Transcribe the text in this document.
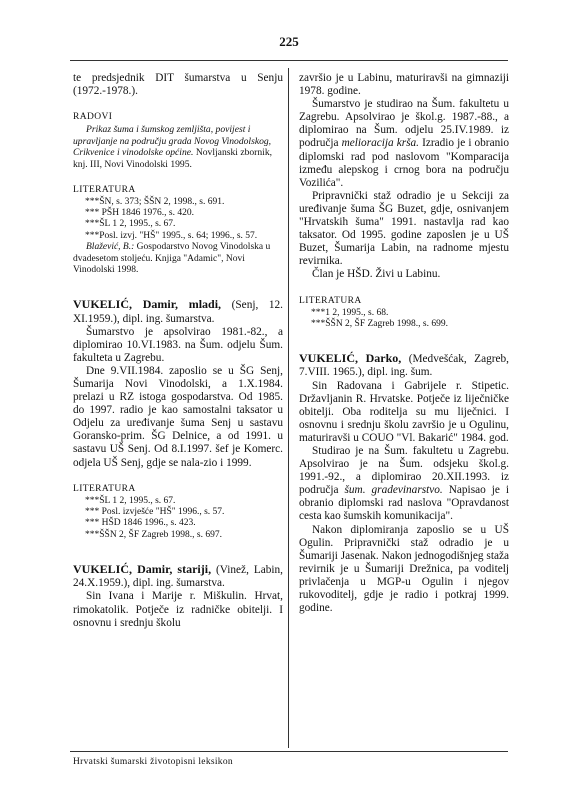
225

te predsjednik DIT šumarstva u Senju (1972.-1978.).

RADOVI

Prikaz šuma i šumskog zemljišta, povijest i upravljanje na području grada Novog Vinodolskog, Crikvenice i vinodolske općine. Novljanski zbornik, knj. III, Novi Vinodolski 1995.

LITERATURA

***ŠN, s. 373; ŠŠN 2, 1998., s. 691.

*** PŠH 1846 1976., s. 420.

***ŠL 1 2, 1995., s. 67.

***Posl. izvj. "HŠ" 1995., s. 64; 1996., s. 57.

Blažević, B.: Gospodarstvo Novog Vinodolska u dvadesetom stoljeću. Knjiga "Adamic", Novi Vinodolski 1998.

VUKELIĆ, Damir, mladi, (Senj, 12. XI.1959.), dipl. ing. šumarstva.

Šumarstvo je apsolvirao 1981.-82., a diplomirao 10.VI.1983. na Šum. odjelu Šum. fakulteta u Zagrebu.

Dne 9.VII.1984. zaposlio se u ŠG Senj, Šumarija Novi Vinodolski, a 1.X.1984. prelazi u RZ istoga gospodarstva. Od 1985. do 1997. radio je kao samostalni taksator u Odjelu za uređivanje šuma Senj u sastavu Goransko-prim. ŠG Delnice, a od 1991. u sastavu UŠ Senj. Od 8.I.1997. šef je Komerc. odjela UŠ Senj, gdje se nala-zio i 1999.

LITERATURA

***ŠL 1 2, 1995., s. 67.

*** Posl. izvješće "HŠ" 1996., s. 57.

*** HŠD 1846 1996., s. 423.

***ŠŠN 2, ŠF Zagreb 1998., s. 697.

VUKELIĆ, Damir, stariji, (Vinež, Labin, 24.X.1959.), dipl. ing. šumarstva.

Sin Ivana i Marije r. Miškulin. Hrvat, rimokatolik. Potječe iz radničke obitelji. I osnovnu i srednju školu

završio je u Labinu, maturiravši na gimnaziji 1978. godine.

Šumarstvo je studirao na Šum. fakultetu u Zagrebu. Apsolvirao je škol.g. 1987.-88., a diplomirao na Šum. odjelu 25.IV.1989. iz područja melioracija krša. Izradio je i obranio diplomski rad pod naslovom "Komparacija između alepskog i crnog bora na području Vozilića".

Pripravnički staž odradio je u Sekciji za uređivanje šuma ŠG Buzet, gdje, osnivanjem "Hrvatskih šuma" 1991. nastavlja rad kao taksator. Od 1995. godine zaposlen je u UŠ Buzet, Šumarija Labin, na radnome mjestu revirnika.

Član je HŠD. Živi u Labinu.

LITERATURA

***1 2, 1995., s. 68.

***ŠŠN 2, ŠF Zagreb 1998., s. 699.

VUKELIĆ, Darko, (Medvešćak, Zagreb, 7.VIII. 1965.), dipl. ing. šum.

Sin Radovana i Gabrijele r. Stipetic. Državljanin R. Hrvatske. Potječe iz liječničke obitelji. Oba roditelja su mu liječnici. I osnovnu i srednju školu završio je u Ogulinu, maturiravši u COUO "Vl. Bakarić" 1984. god.

Studirao je na Šum. fakultetu u Zagrebu. Apsolvirao je na Šum. odsjeku škol.g. 1991.-92., a diplomirao 20.XII.1993. iz područja šum. gradevinarstvo. Napisao je i obranio diplomski rad naslova "Opravdanost cesta kao šumskih komunikacija".

Nakon diplomiranja zaposlio se u UŠ Ogulin. Pripravnički staž odradio je u Šumariji Jasenak. Nakon jednogodišnjeg staža revirnik je u Šumariji Drežnica, pa voditelj privlačenja u MGP-u Ogulin i njegov rukovoditelj, gdje je radio i potkraj 1999. godine.

Hrvatski šumarski životopisni leksikon
